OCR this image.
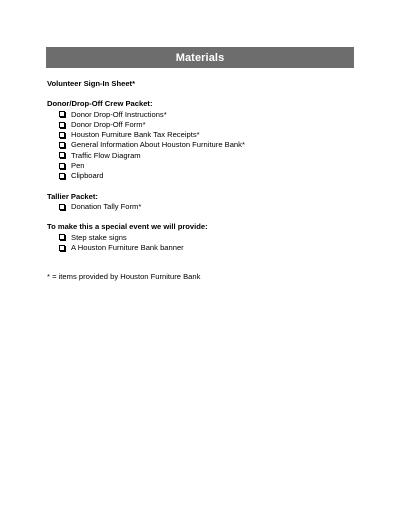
Materials
Volunteer Sign-In Sheet*
Donor/Drop-Off Crew Packet:
Donor Drop-Off Instructions*
Donor Drop-Off Form*
Houston Furniture Bank Tax Receipts*
General Information About Houston Furniture Bank*
Traffic Flow Diagram
Pen
Clipboard
Tallier Packet:
Donation Tally Form*
To make this a special event we will provide:
Step stake signs
A Houston Furniture Bank banner
* = items provided by Houston Furniture Bank
